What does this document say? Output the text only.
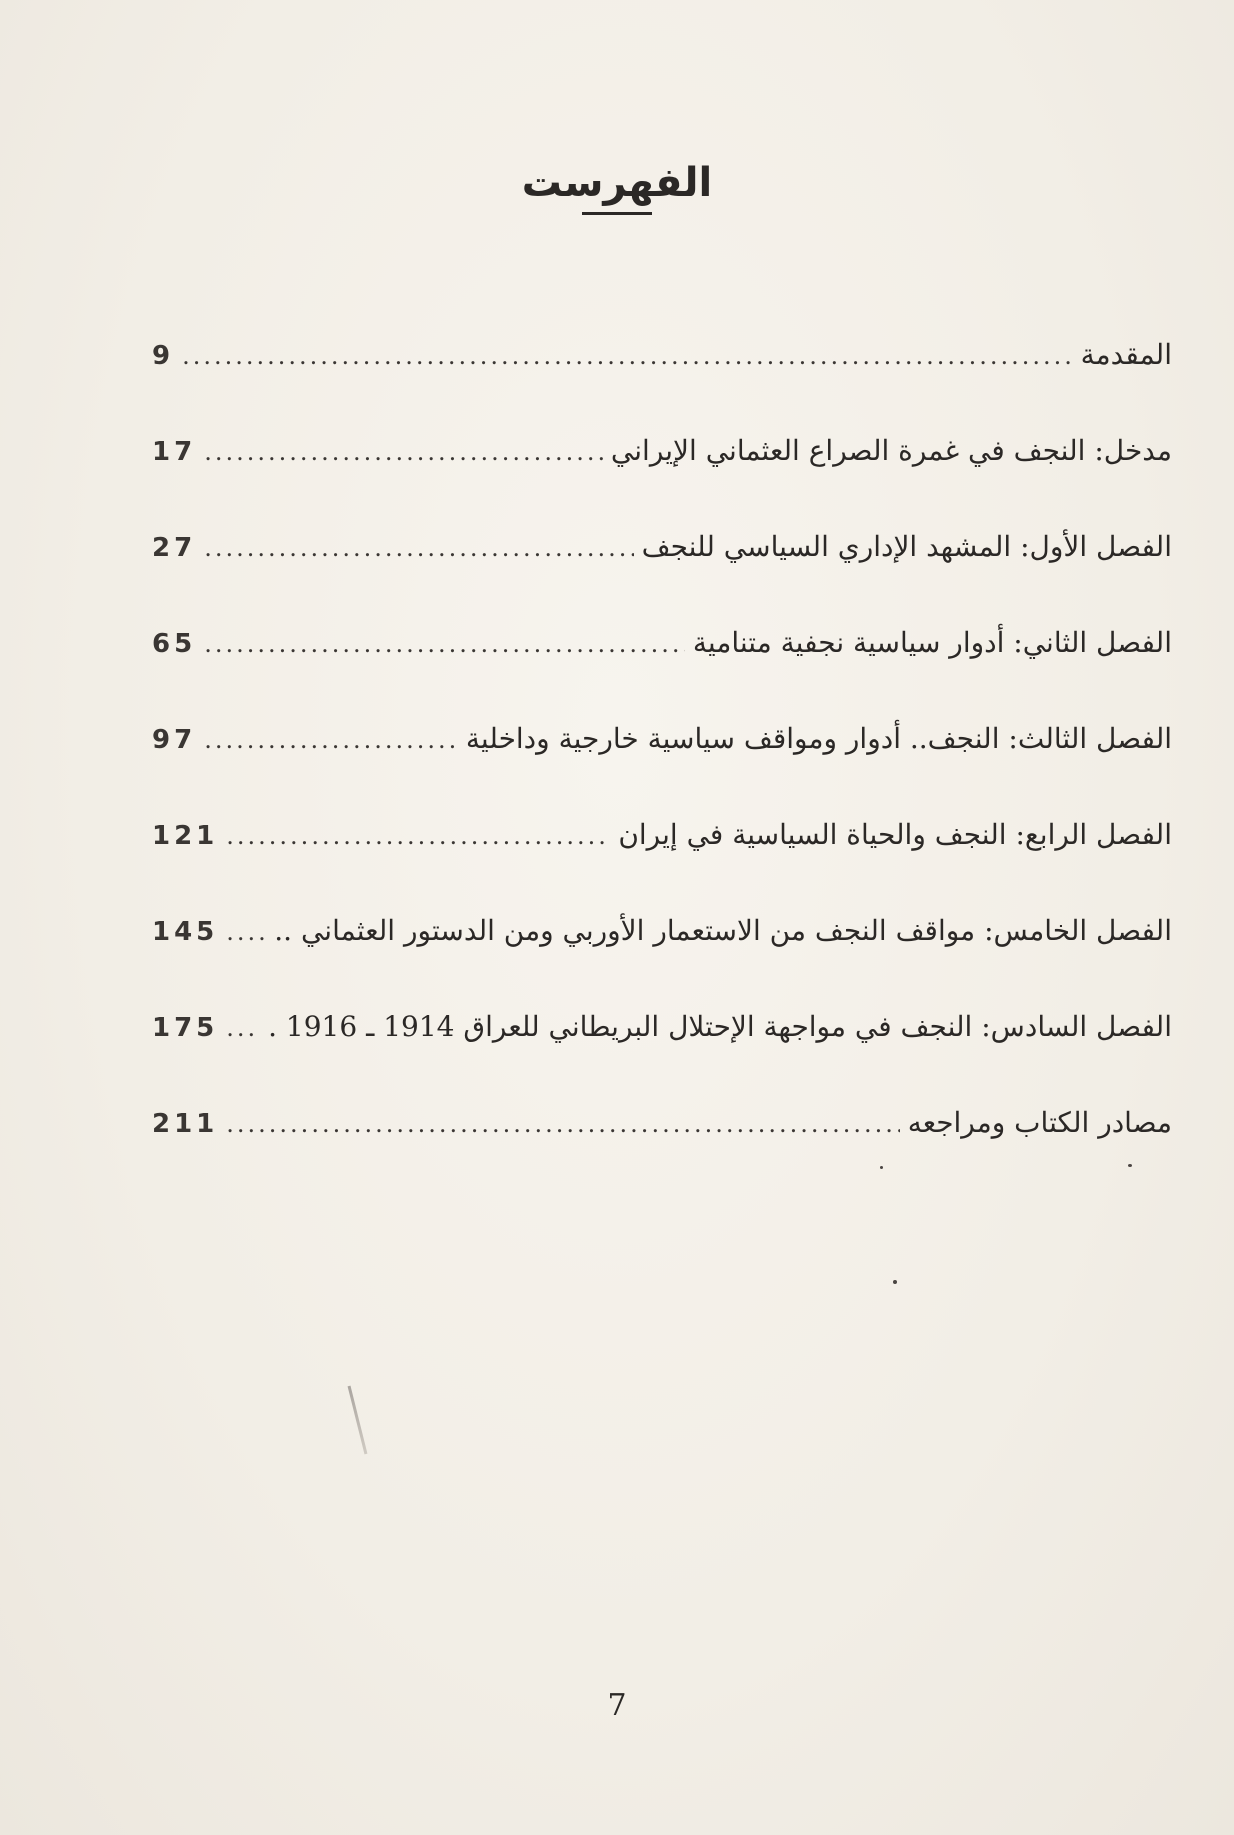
الفهرست
المقدمة
.....
9
مدخل: النجف في غمرة الصراع العثماني الإيراني
.....
17
الفصل الأول: المشهد الإداري السياسي للنجف
.....
27
الفصل الثاني: أدوار سياسية نجفية متنامية
.....
65
الفصل الثالث: النجف.. أدوار ومواقف سياسية خارجية وداخلية
.....
97
الفصل الرابع: النجف والحياة السياسية في إيران
.....
121
الفصل الخامس: مواقف النجف من الاستعمار الأوربي ومن الدستور العثماني ..
.....
145
الفصل السادس: النجف في مواجهة الإحتلال البريطاني للعراق 1914 ـ 1916 .
.....
175
مصادر الكتاب ومراجعه
.....
211
7
